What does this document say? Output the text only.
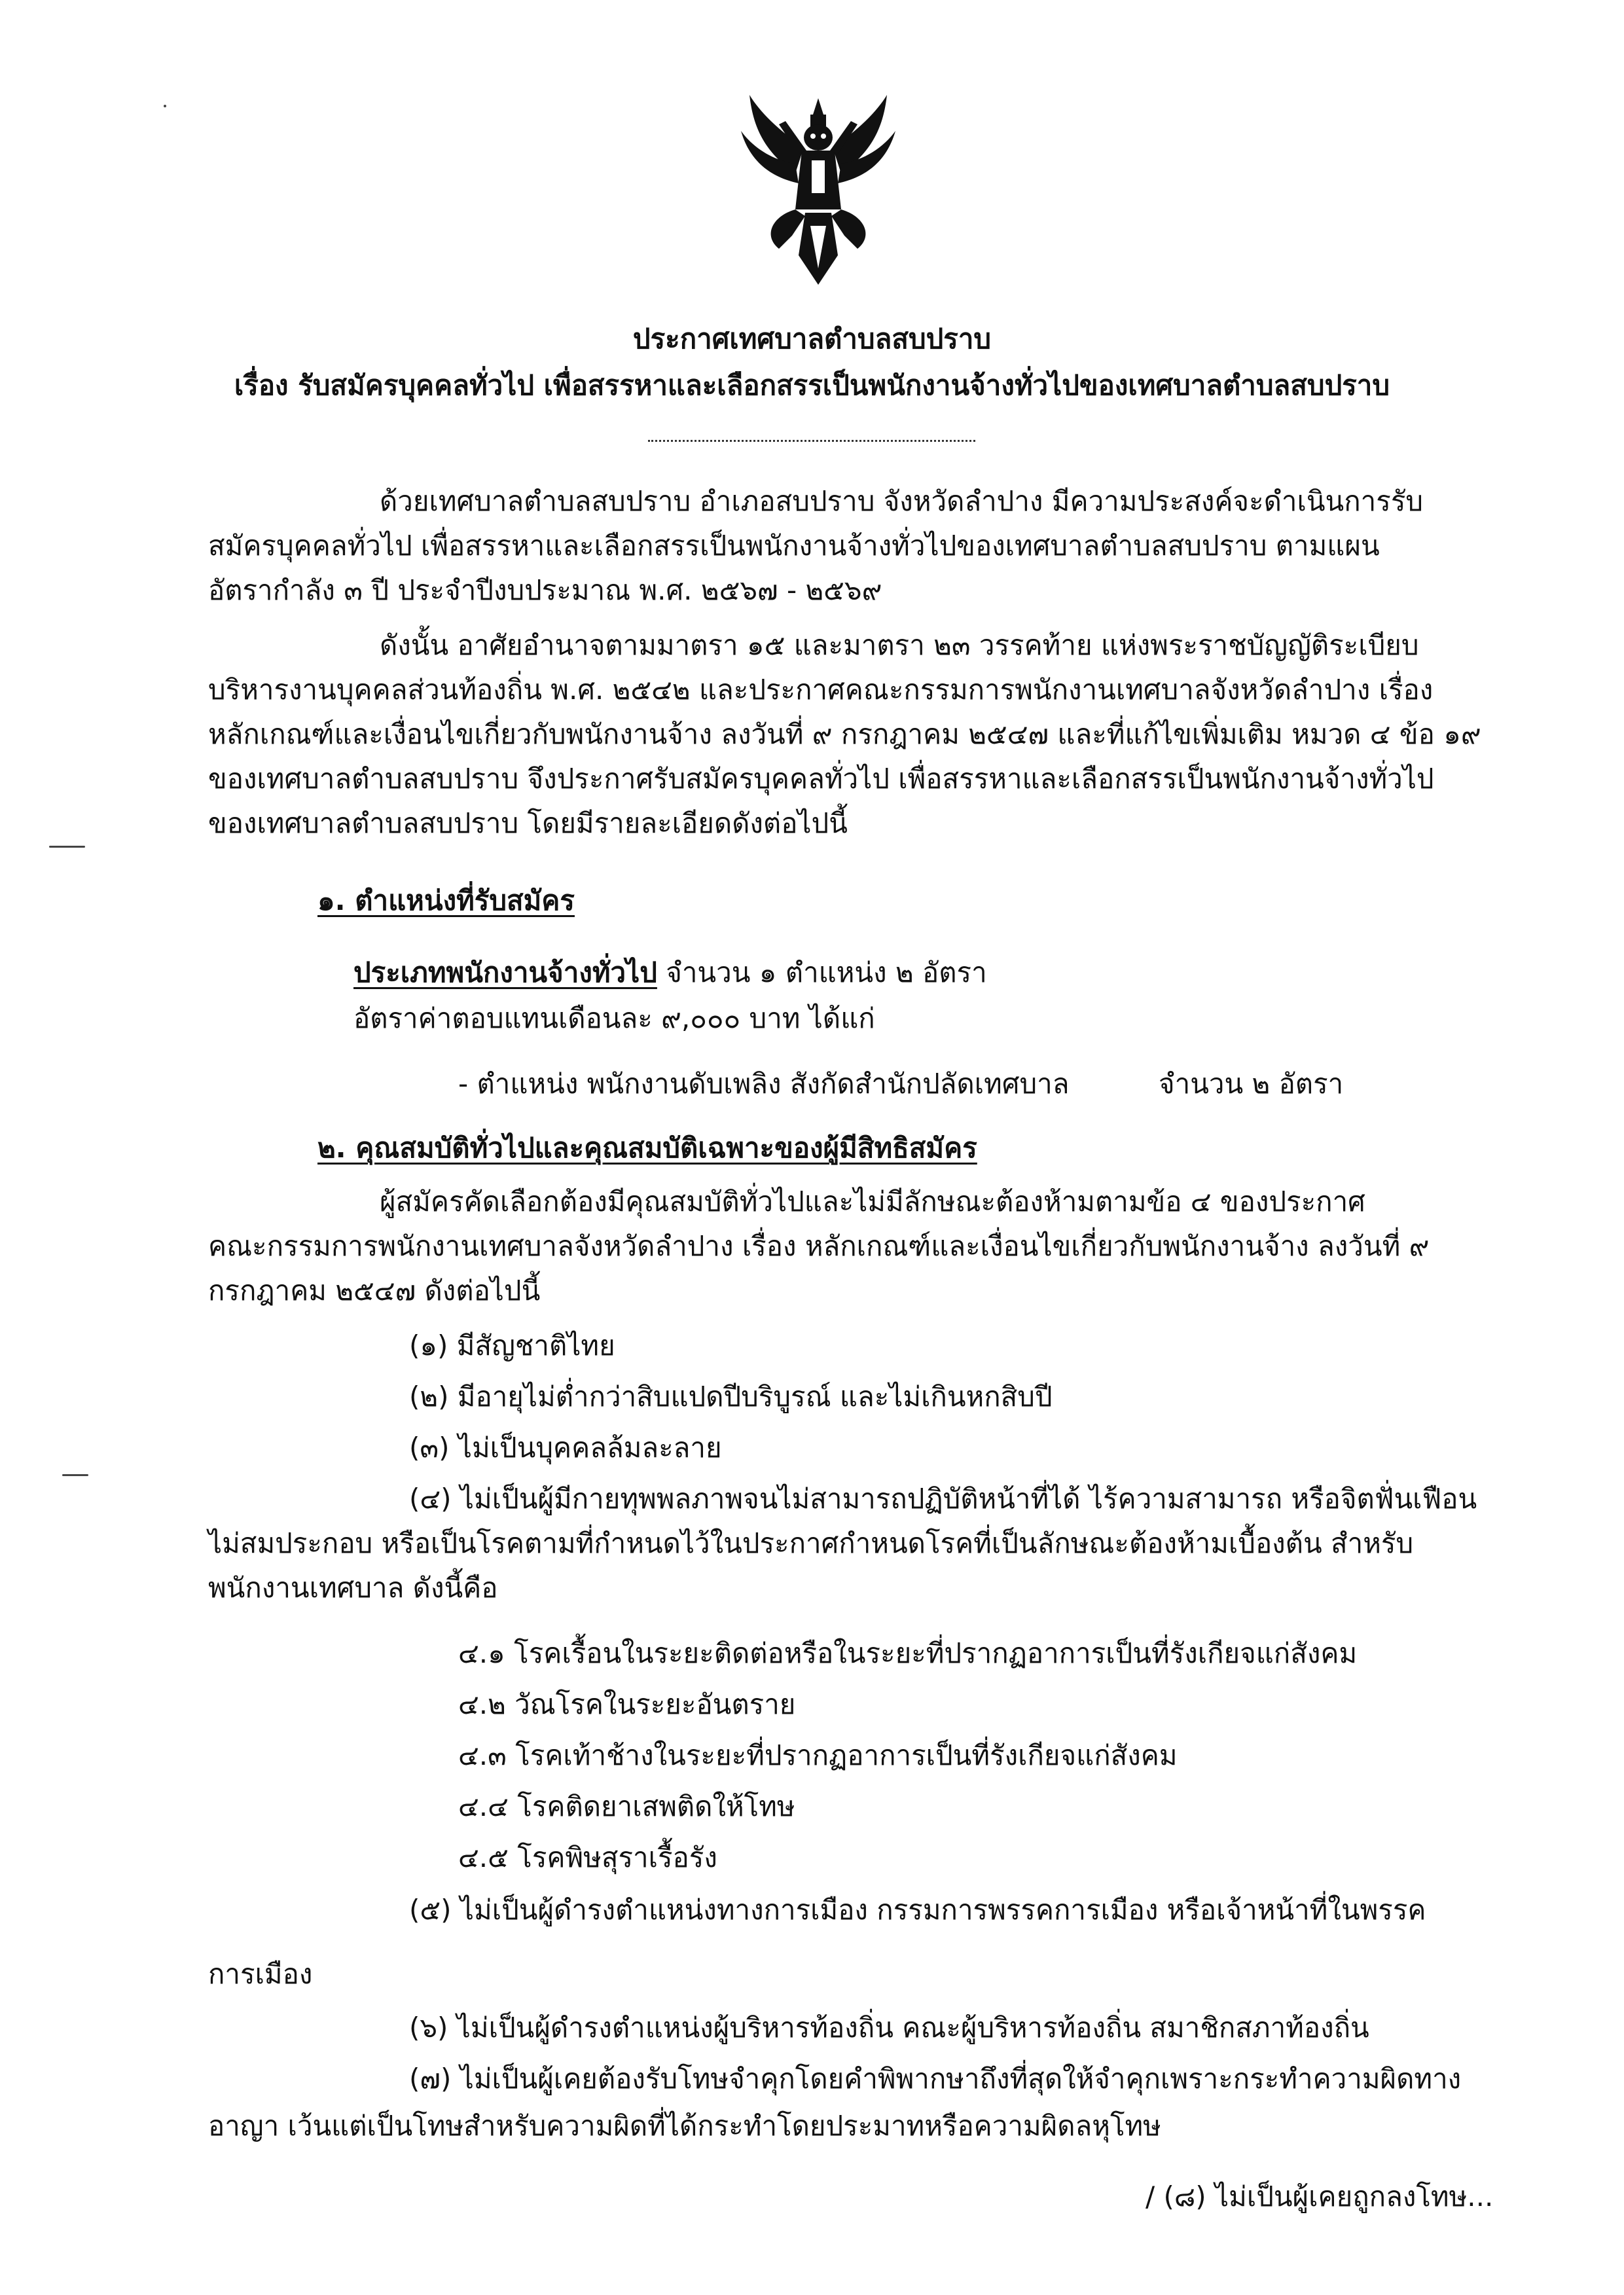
ประกาศเทศบาลตำบลสบปราบ
เรื่อง รับสมัครบุคคลทั่วไป เพื่อสรรหาและเลือกสรรเป็นพนักงานจ้างทั่วไปของเทศบาลตำบลสบปราบ
ด้วยเทศบาลตำบลสบปราบ อำเภอสบปราบ จังหวัดลำปาง มีความประสงค์จะดำเนินการรับ
สมัครบุคคลทั่วไป เพื่อสรรหาและเลือกสรรเป็นพนักงานจ้างทั่วไปของเทศบาลตำบลสบปราบ ตามแผน
อัตรากำลัง ๓ ปี ประจำปีงบประมาณ พ.ศ. ๒๕๖๗ - ๒๕๖๙
ดังนั้น อาศัยอำนาจตามมาตรา ๑๕ และมาตรา ๒๓ วรรคท้าย แห่งพระราชบัญญัติระเบียบ
บริหารงานบุคคลส่วนท้องถิ่น พ.ศ. ๒๕๔๒ และประกาศคณะกรรมการพนักงานเทศบาลจังหวัดลำปาง เรื่อง
หลักเกณฑ์และเงื่อนไขเกี่ยวกับพนักงานจ้าง ลงวันที่ ๙ กรกฎาคม ๒๕๔๗ และที่แก้ไขเพิ่มเติม หมวด ๔ ข้อ ๑๙
ของเทศบาลตำบลสบปราบ จึงประกาศรับสมัครบุคคลทั่วไป เพื่อสรรหาและเลือกสรรเป็นพนักงานจ้างทั่วไป
ของเทศบาลตำบลสบปราบ โดยมีรายละเอียดดังต่อไปนี้
๑. ตำแหน่งที่รับสมัคร
ประเภทพนักงานจ้างทั่วไป จำนวน ๑ ตำแหน่ง ๒ อัตรา
อัตราค่าตอบแทนเดือนละ ๙,๐๐๐ บาท ได้แก่
- ตำแหน่ง พนักงานดับเพลิง สังกัดสำนักปลัดเทศบาล	จำนวน ๒ อัตรา
๒. คุณสมบัติทั่วไปและคุณสมบัติเฉพาะของผู้มีสิทธิสมัคร
ผู้สมัครคัดเลือกต้องมีคุณสมบัติทั่วไปและไม่มีลักษณะต้องห้ามตามข้อ ๔ ของประกาศ
คณะกรรมการพนักงานเทศบาลจังหวัดลำปาง เรื่อง หลักเกณฑ์และเงื่อนไขเกี่ยวกับพนักงานจ้าง ลงวันที่ ๙
กรกฎาคม ๒๕๔๗ ดังต่อไปนี้
(๑) มีสัญชาติไทย
(๒) มีอายุไม่ต่ำกว่าสิบแปดปีบริบูรณ์ และไม่เกินหกสิบปี
(๓) ไม่เป็นบุคคลล้มละลาย
(๔) ไม่เป็นผู้มีกายทุพพลภาพจนไม่สามารถปฏิบัติหน้าที่ได้ ไร้ความสามารถ หรือจิตฟั่นเฟือน
ไม่สมประกอบ หรือเป็นโรคตามที่กำหนดไว้ในประกาศกำหนดโรคที่เป็นลักษณะต้องห้ามเบื้องต้น สำหรับ
พนักงานเทศบาล ดังนี้คือ
๔.๑ โรคเรื้อนในระยะติดต่อหรือในระยะที่ปรากฏอาการเป็นที่รังเกียจแก่สังคม
๔.๒ วัณโรคในระยะอันตราย
๔.๓ โรคเท้าช้างในระยะที่ปรากฏอาการเป็นที่รังเกียจแก่สังคม
๔.๔ โรคติดยาเสพติดให้โทษ
๔.๕ โรคพิษสุราเรื้อรัง
(๕) ไม่เป็นผู้ดำรงตำแหน่งทางการเมือง กรรมการพรรคการเมือง หรือเจ้าหน้าที่ในพรรค
การเมือง
(๖) ไม่เป็นผู้ดำรงตำแหน่งผู้บริหารท้องถิ่น คณะผู้บริหารท้องถิ่น สมาชิกสภาท้องถิ่น
(๗) ไม่เป็นผู้เคยต้องรับโทษจำคุกโดยคำพิพากษาถึงที่สุดให้จำคุกเพราะกระทำความผิดทาง
อาญา เว้นแต่เป็นโทษสำหรับความผิดที่ได้กระทำโดยประมาทหรือความผิดลหุโทษ
/ (๘) ไม่เป็นผู้เคยถูกลงโทษ...
